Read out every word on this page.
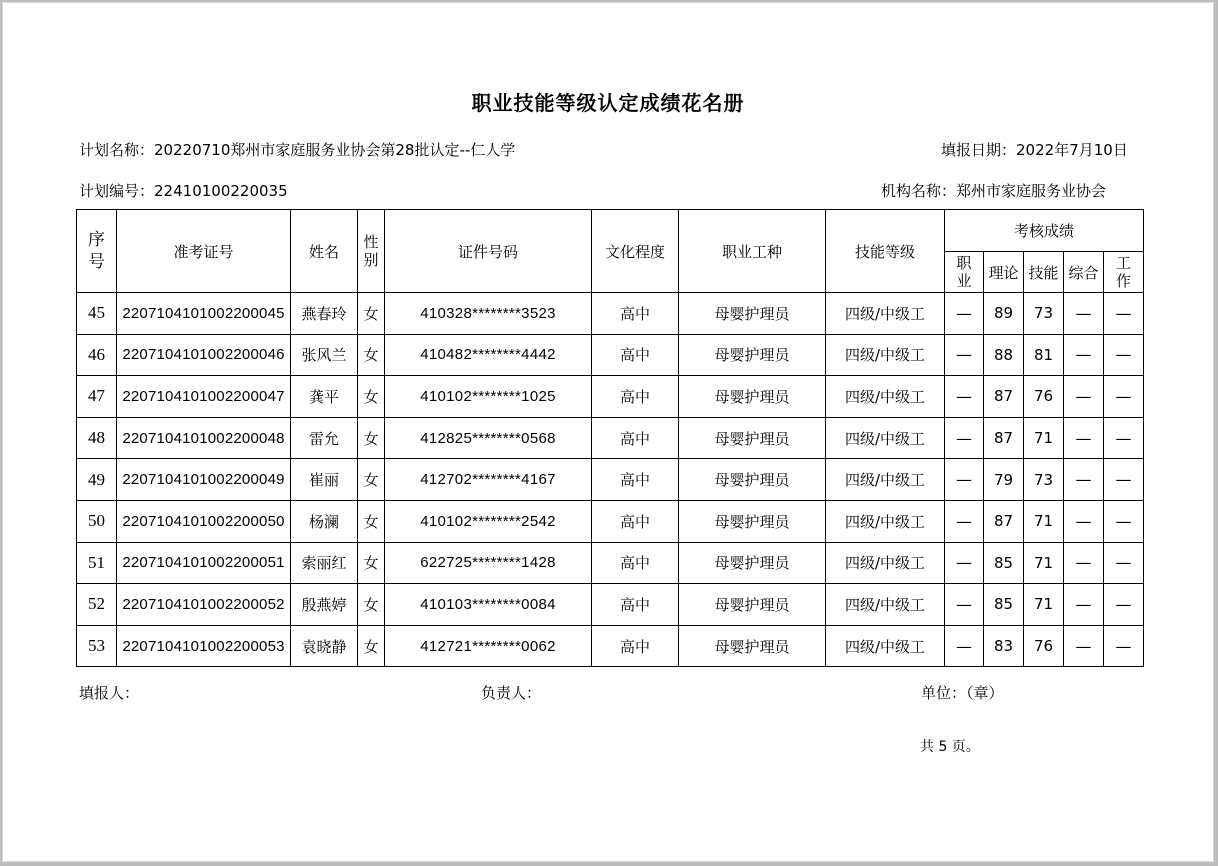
职业技能等级认定成绩花名册
计划名称：20220710郑州市家庭服务业协会第28批认定--仁人学	填报日期：2022年7月10日
计划编号：22410100220035	机构名称：郑州市家庭服务业协会
序号	准考证号	姓名	性别	证件号码	文化程度	职业工种	技能等级	考核成绩				
								职业	理论	技能	综合	工作
45	2207104101002200045	燕春玲	女	410328********3523	高中	母婴护理员	四级/中级工	—	89	73	—	—
46	2207104101002200046	张风兰	女	410482********4442	高中	母婴护理员	四级/中级工	—	88	81	—	—
47	2207104101002200047	龚平	女	410102********1025	高中	母婴护理员	四级/中级工	—	87	76	—	—
48	2207104101002200048	雷允	女	412825********0568	高中	母婴护理员	四级/中级工	—	87	71	—	—
49	2207104101002200049	崔丽	女	412702********4167	高中	母婴护理员	四级/中级工	—	79	73	—	—
50	2207104101002200050	杨澜	女	410102********2542	高中	母婴护理员	四级/中级工	—	87	71	—	—
51	2207104101002200051	索丽红	女	622725********1428	高中	母婴护理员	四级/中级工	—	85	71	—	—
52	2207104101002200052	殷燕婷	女	410103********0084	高中	母婴护理员	四级/中级工	—	85	71	—	—
53	2207104101002200053	袁晓静	女	412721********0062	高中	母婴护理员	四级/中级工	—	83	76	—	—
填报人：	负责人：	单位：（章）
共 5 页。
